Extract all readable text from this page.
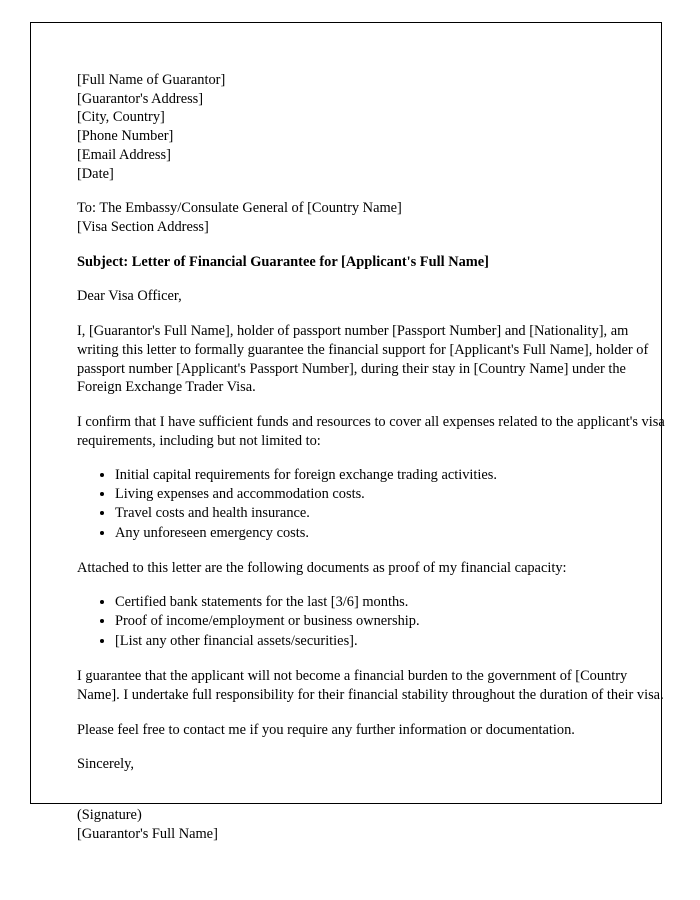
[Full Name of Guarantor]
[Guarantor's Address]
[City, Country]
[Phone Number]
[Email Address]
[Date]
To: The Embassy/Consulate General of [Country Name]
[Visa Section Address]

Subject: Letter of Financial Guarantee for [Applicant's Full Name]

Dear Visa Officer,

I, [Guarantor's Full Name], holder of passport number [Passport Number] and [Nationality], am writing this letter to formally guarantee the financial support for [Applicant's Full Name], holder of passport number [Applicant's Passport Number], during their stay in [Country Name] under the Foreign Exchange Trader Visa.

I confirm that I have sufficient funds and resources to cover all expenses related to the applicant's visa requirements, including but not limited to:

• Initial capital requirements for foreign exchange trading activities.
• Living expenses and accommodation costs.
• Travel costs and health insurance.
• Any unforeseen emergency costs.

Attached to this letter are the following documents as proof of my financial capacity:

• Certified bank statements for the last [3/6] months.
• Proof of income/employment or business ownership.
• [List any other financial assets/securities].

I guarantee that the applicant will not become a financial burden to the government of [Country Name]. I undertake full responsibility for their financial stability throughout the duration of their visa.

Please feel free to contact me if you require any further information or documentation.

Sincerely,

(Signature)
[Guarantor's Full Name]
